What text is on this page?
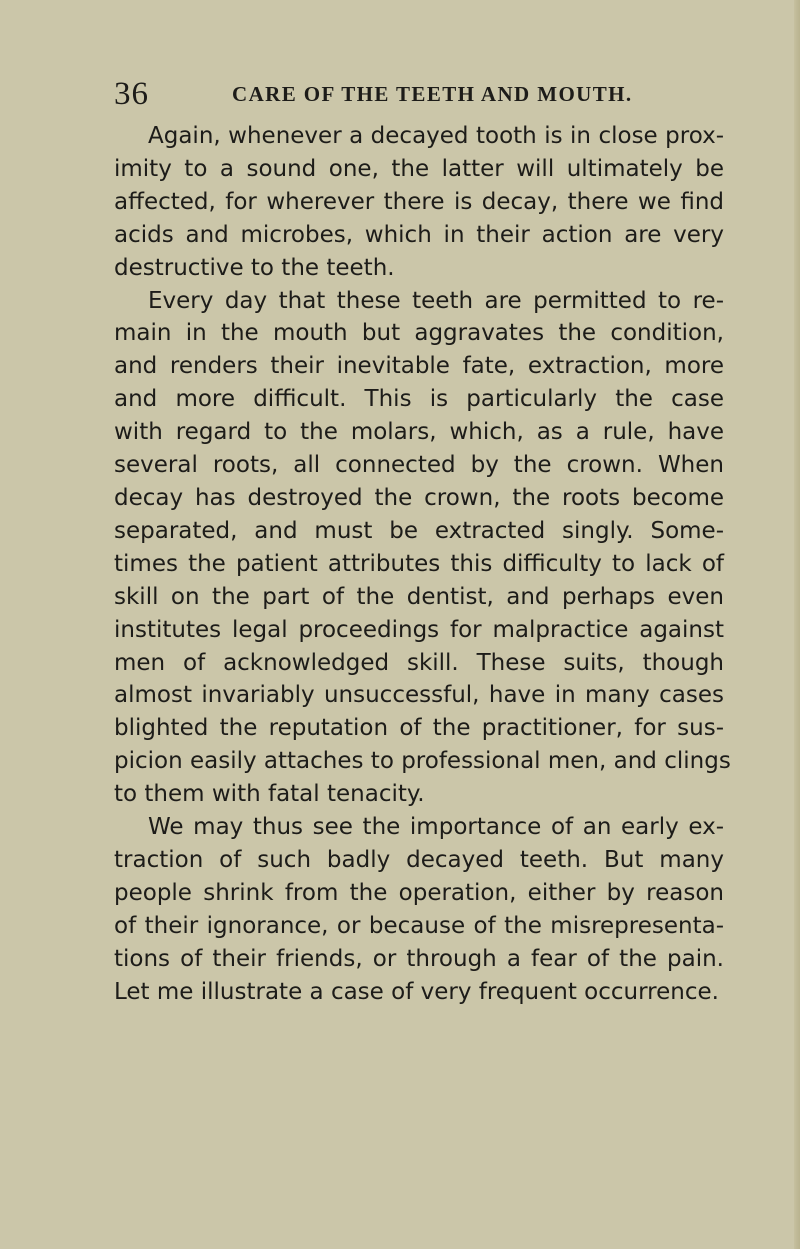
36	CARE OF THE TEETH AND MOUTH.

Again, whenever a decayed tooth is in close prox-
imity to a sound one, the latter will ultimately be
affected, for wherever there is decay, there we find
acids and microbes, which in their action are very
destructive to the teeth.

Every day that these teeth are permitted to re-
main in the mouth but aggravates the condition,
and renders their inevitable fate, extraction, more
and more difficult. This is particularly the case
with regard to the molars, which, as a rule, have
several roots, all connected by the crown. When
decay has destroyed the crown, the roots become
separated, and must be extracted singly. Some-
times the patient attributes this difficulty to lack of
skill on the part of the dentist, and perhaps even
institutes legal proceedings for malpractice against
men of acknowledged skill. These suits, though
almost invariably unsuccessful, have in many cases
blighted the reputation of the practitioner, for sus-
picion easily attaches to professional men, and clings
to them with fatal tenacity.

We may thus see the importance of an early ex-
traction of such badly decayed teeth. But many
people shrink from the operation, either by reason
of their ignorance, or because of the misrepresenta-
tions of their friends, or through a fear of the pain.
Let me illustrate a case of very frequent occurrence.
